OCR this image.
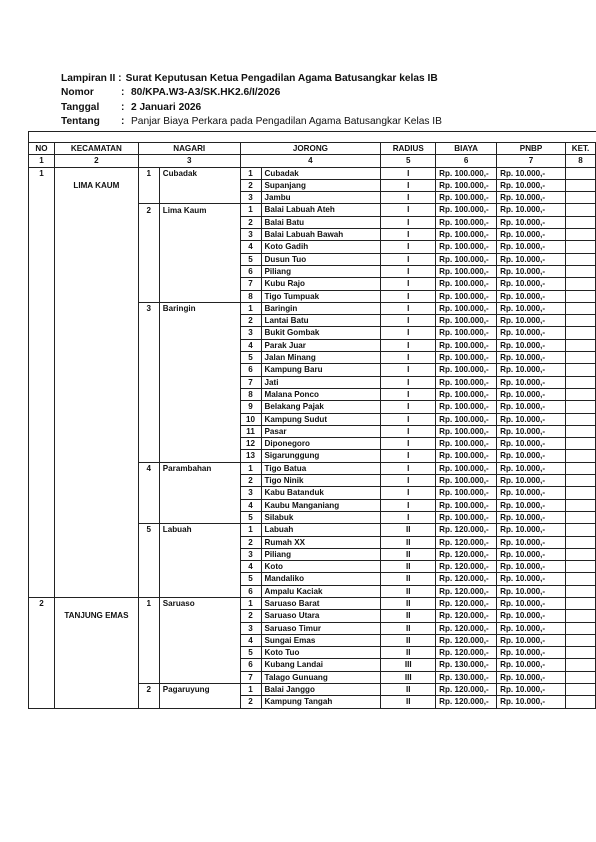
Lampiran II : Surat Keputusan Ketua Pengadilan Agama Batusangkar kelas IB
Nomor	: 80/KPA.W3-A3/SK.HK2.6/I/2026
Tanggal	: 2 Januari 2026
Tentang	: Panjar Biaya Perkara pada Pengadilan Agama Batusangkar Kelas IB
NO	KECAMATAN	NAGARI		JORONG		RADIUS	BIAYA	PNBP	KET.
1	2	3		4		5	6	7	8
1		1	Cubadak	1	Cubadak	I	Rp. 100.000,-	Rp. 10.000,-	
	LIMA KAUM			2	Supanjang	I	Rp. 100.000,-	Rp. 10.000,-	
				3	Jambu	I	Rp. 100.000,-	Rp. 10.000,-	
		2	Lima Kaum	1	Balai Labuah Ateh	I	Rp. 100.000,-	Rp. 10.000,-	
				2	Balai Batu	I	Rp. 100.000,-	Rp. 10.000,-	
				3	Balai Labuah Bawah	I	Rp. 100.000,-	Rp. 10.000,-	
				4	Koto Gadih	I	Rp. 100.000,-	Rp. 10.000,-	
				5	Dusun Tuo	I	Rp. 100.000,-	Rp. 10.000,-	
				6	Piliang	I	Rp. 100.000,-	Rp. 10.000,-	
				7	Kubu Rajo	I	Rp. 100.000,-	Rp. 10.000,-	
				8	Tigo Tumpuak	I	Rp. 100.000,-	Rp. 10.000,-	
		3	Baringin	1	Baringin	I	Rp. 100.000,-	Rp. 10.000,-	
				2	Lantai Batu	I	Rp. 100.000,-	Rp. 10.000,-	
				3	Bukit Gombak	I	Rp. 100.000,-	Rp. 10.000,-	
				4	Parak Juar	I	Rp. 100.000,-	Rp. 10.000,-	
				5	Jalan Minang	I	Rp. 100.000,-	Rp. 10.000,-	
				6	Kampung Baru	I	Rp. 100.000,-	Rp. 10.000,-	
				7	Jati	I	Rp. 100.000,-	Rp. 10.000,-	
				8	Malana Ponco	I	Rp. 100.000,-	Rp. 10.000,-	
				9	Belakang Pajak	I	Rp. 100.000,-	Rp. 10.000,-	
				10	Kampung Sudut	I	Rp. 100.000,-	Rp. 10.000,-	
				11	Pasar	I	Rp. 100.000,-	Rp. 10.000,-	
				12	Diponegoro	I	Rp. 100.000,-	Rp. 10.000,-	
				13	Sigarunggung	I	Rp. 100.000,-	Rp. 10.000,-	
		4	Parambahan	1	Tigo Batua	I	Rp. 100.000,-	Rp. 10.000,-	
				2	Tigo Ninik	I	Rp. 100.000,-	Rp. 10.000,-	
				3	Kabu Batanduk	I	Rp. 100.000,-	Rp. 10.000,-	
				4	Kaubu Manganiang	I	Rp. 100.000,-	Rp. 10.000,-	
				5	Silabuk	I	Rp. 100.000,-	Rp. 10.000,-	
		5	Labuah	1	Labuah	II	Rp. 120.000,-	Rp. 10.000,-	
				2	Rumah XX	II	Rp. 120.000,-	Rp. 10.000,-	
				3	Piliang	II	Rp. 120.000,-	Rp. 10.000,-	
				4	Koto	II	Rp. 120.000,-	Rp. 10.000,-	
				5	Mandaliko	II	Rp. 120.000,-	Rp. 10.000,-	
				6	Ampalu Kaciak	II	Rp. 120.000,-	Rp. 10.000,-	
2		1	Saruaso	1	Saruaso Barat	II	Rp. 120.000,-	Rp. 10.000,-	
	TANJUNG EMAS			2	Saruaso Utara	II	Rp. 120.000,-	Rp. 10.000,-	
				3	Saruaso Timur	II	Rp. 120.000,-	Rp. 10.000,-	
				4	Sungai Emas	II	Rp. 120.000,-	Rp. 10.000,-	
				5	Koto Tuo	II	Rp. 120.000,-	Rp. 10.000,-	
				6	Kubang Landai	III	Rp. 130.000,-	Rp. 10.000,-	
				7	Talago Gunuang	III	Rp. 130.000,-	Rp. 10.000,-	
		2	Pagaruyung	1	Balai Janggo	II	Rp. 120.000,-	Rp. 10.000,-	
				2	Kampung Tangah	II	Rp. 120.000,-	Rp. 10.000,-	
